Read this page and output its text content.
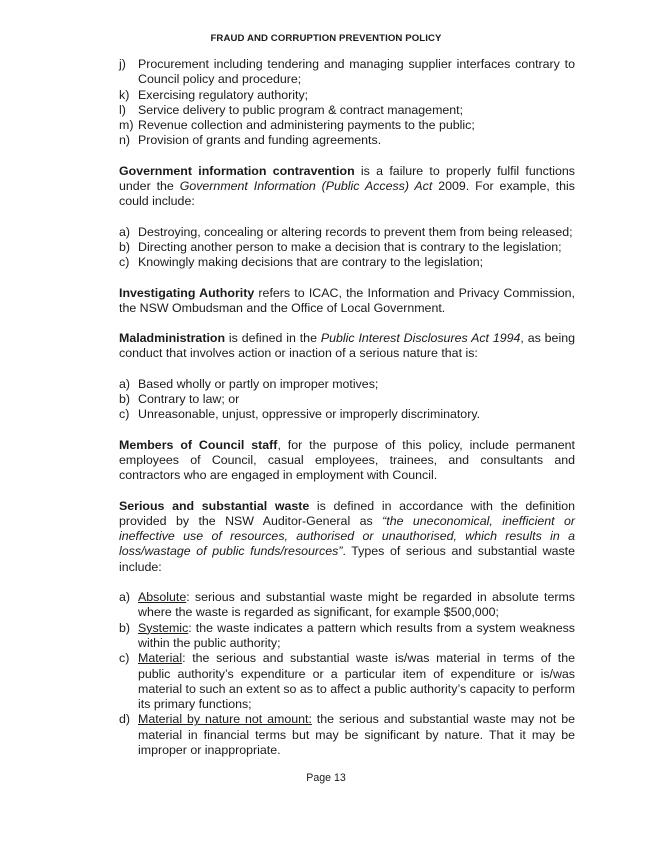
FRAUD AND CORRUPTION PREVENTION POLICY
j) Procurement including tendering and managing supplier interfaces contrary to Council policy and procedure;
k) Exercising regulatory authority;
l) Service delivery to public program & contract management;
m) Revenue collection and administering payments to the public;
n) Provision of grants and funding agreements.

Government information contravention is a failure to properly fulfil functions under the Government Information (Public Access) Act 2009. For example, this could include:

a) Destroying, concealing or altering records to prevent them from being released;
b) Directing another person to make a decision that is contrary to the legislation;
c) Knowingly making decisions that are contrary to the legislation;

Investigating Authority refers to ICAC, the Information and Privacy Commission, the NSW Ombudsman and the Office of Local Government.

Maladministration is defined in the Public Interest Disclosures Act 1994, as being conduct that involves action or inaction of a serious nature that is:

a) Based wholly or partly on improper motives;
b) Contrary to law; or
c) Unreasonable, unjust, oppressive or improperly discriminatory.

Members of Council staff, for the purpose of this policy, include permanent employees of Council, casual employees, trainees, and consultants and contractors who are engaged in employment with Council.

Serious and substantial waste is defined in accordance with the definition provided by the NSW Auditor-General as “the uneconomical, inefficient or ineffective use of resources, authorised or unauthorised, which results in a loss/wastage of public funds/resources”. Types of serious and substantial waste include:

a) Absolute: serious and substantial waste might be regarded in absolute terms where the waste is regarded as significant, for example $500,000;
b) Systemic: the waste indicates a pattern which results from a system weakness within the public authority;
c) Material: the serious and substantial waste is/was material in terms of the public authority’s expenditure or a particular item of expenditure or is/was material to such an extent so as to affect a public authority’s capacity to perform its primary functions;
d) Material by nature not amount: the serious and substantial waste may not be material in financial terms but may be significant by nature. That it may be improper or inappropriate.
Page 13
